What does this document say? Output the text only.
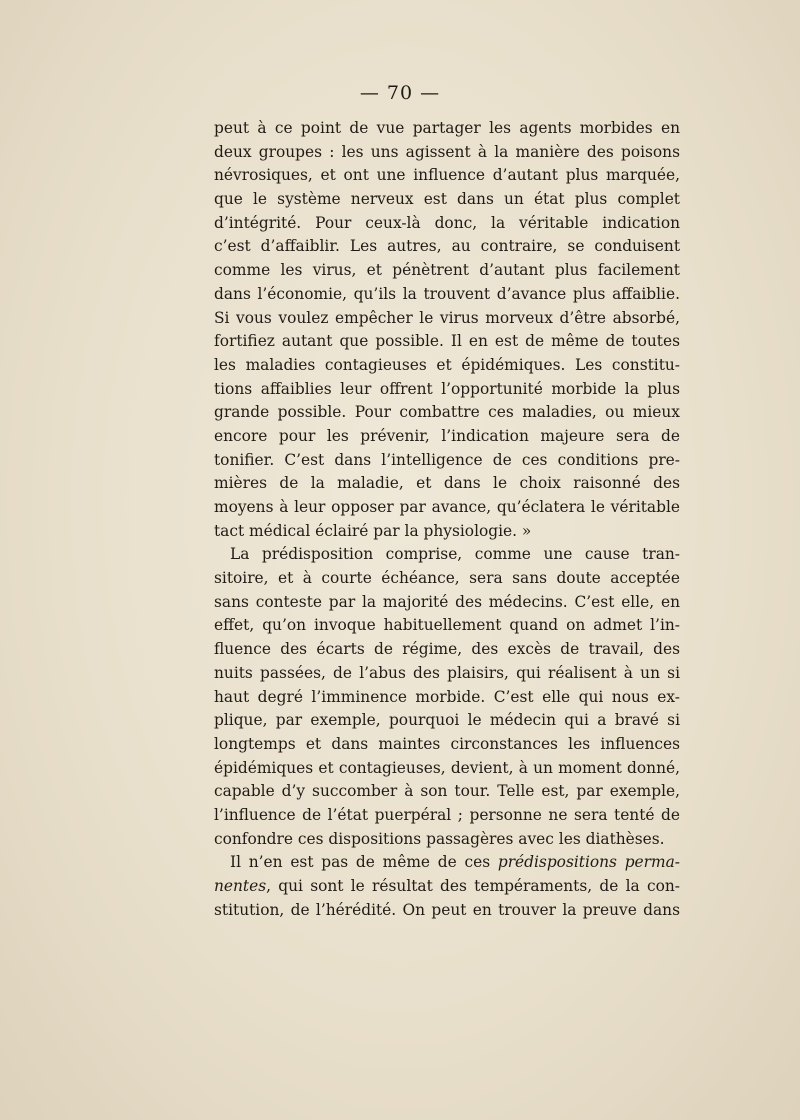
— 70 —
peut à ce point de vue partager les agents morbides en
deux groupes : les uns agissent à la manière des poisons
névrosiques, et ont une influence d’autant plus marquée,
que le système nerveux est dans un état plus complet
d’intégrité. Pour ceux-là donc, la véritable indication
c’est d’affaiblir. Les autres, au contraire, se conduisent
comme les virus, et pénètrent d’autant plus facilement
dans l’économie, qu’ils la trouvent d’avance plus affaiblie.
Si vous voulez empêcher le virus morveux d’être absorbé,
fortifiez autant que possible. Il en est de même de toutes
les maladies contagieuses et épidémiques. Les constitu-
tions affaiblies leur offrent l’opportunité morbide la plus
grande possible. Pour combattre ces maladies, ou mieux
encore pour les prévenir, l’indication majeure sera de
tonifier. C’est dans l’intelligence de ces conditions pre-
mières de la maladie, et dans le choix raisonné des
moyens à leur opposer par avance, qu’éclatera le véritable
tact médical éclairé par la physiologie. »
La prédisposition comprise, comme une cause tran-
sitoire, et à courte échéance, sera sans doute acceptée
sans conteste par la majorité des médecins. C’est elle, en
effet, qu’on invoque habituellement quand on admet l’in-
fluence des écarts de régime, des excès de travail, des
nuits passées, de l’abus des plaisirs, qui réalisent à un si
haut degré l’imminence morbide. C’est elle qui nous ex-
plique, par exemple, pourquoi le médecin qui a bravé si
longtemps et dans maintes circonstances les influences
épidémiques et contagieuses, devient, à un moment donné,
capable d’y succomber à son tour. Telle est, par exemple,
l’influence de l’état puerpéral ; personne ne sera tenté de
confondre ces dispositions passagères avec les diathèses.
Il n’en est pas de même de ces prédispositions perma-
nentes, qui sont le résultat des tempéraments, de la con-
stitution, de l’hérédité. On peut en trouver la preuve dans
